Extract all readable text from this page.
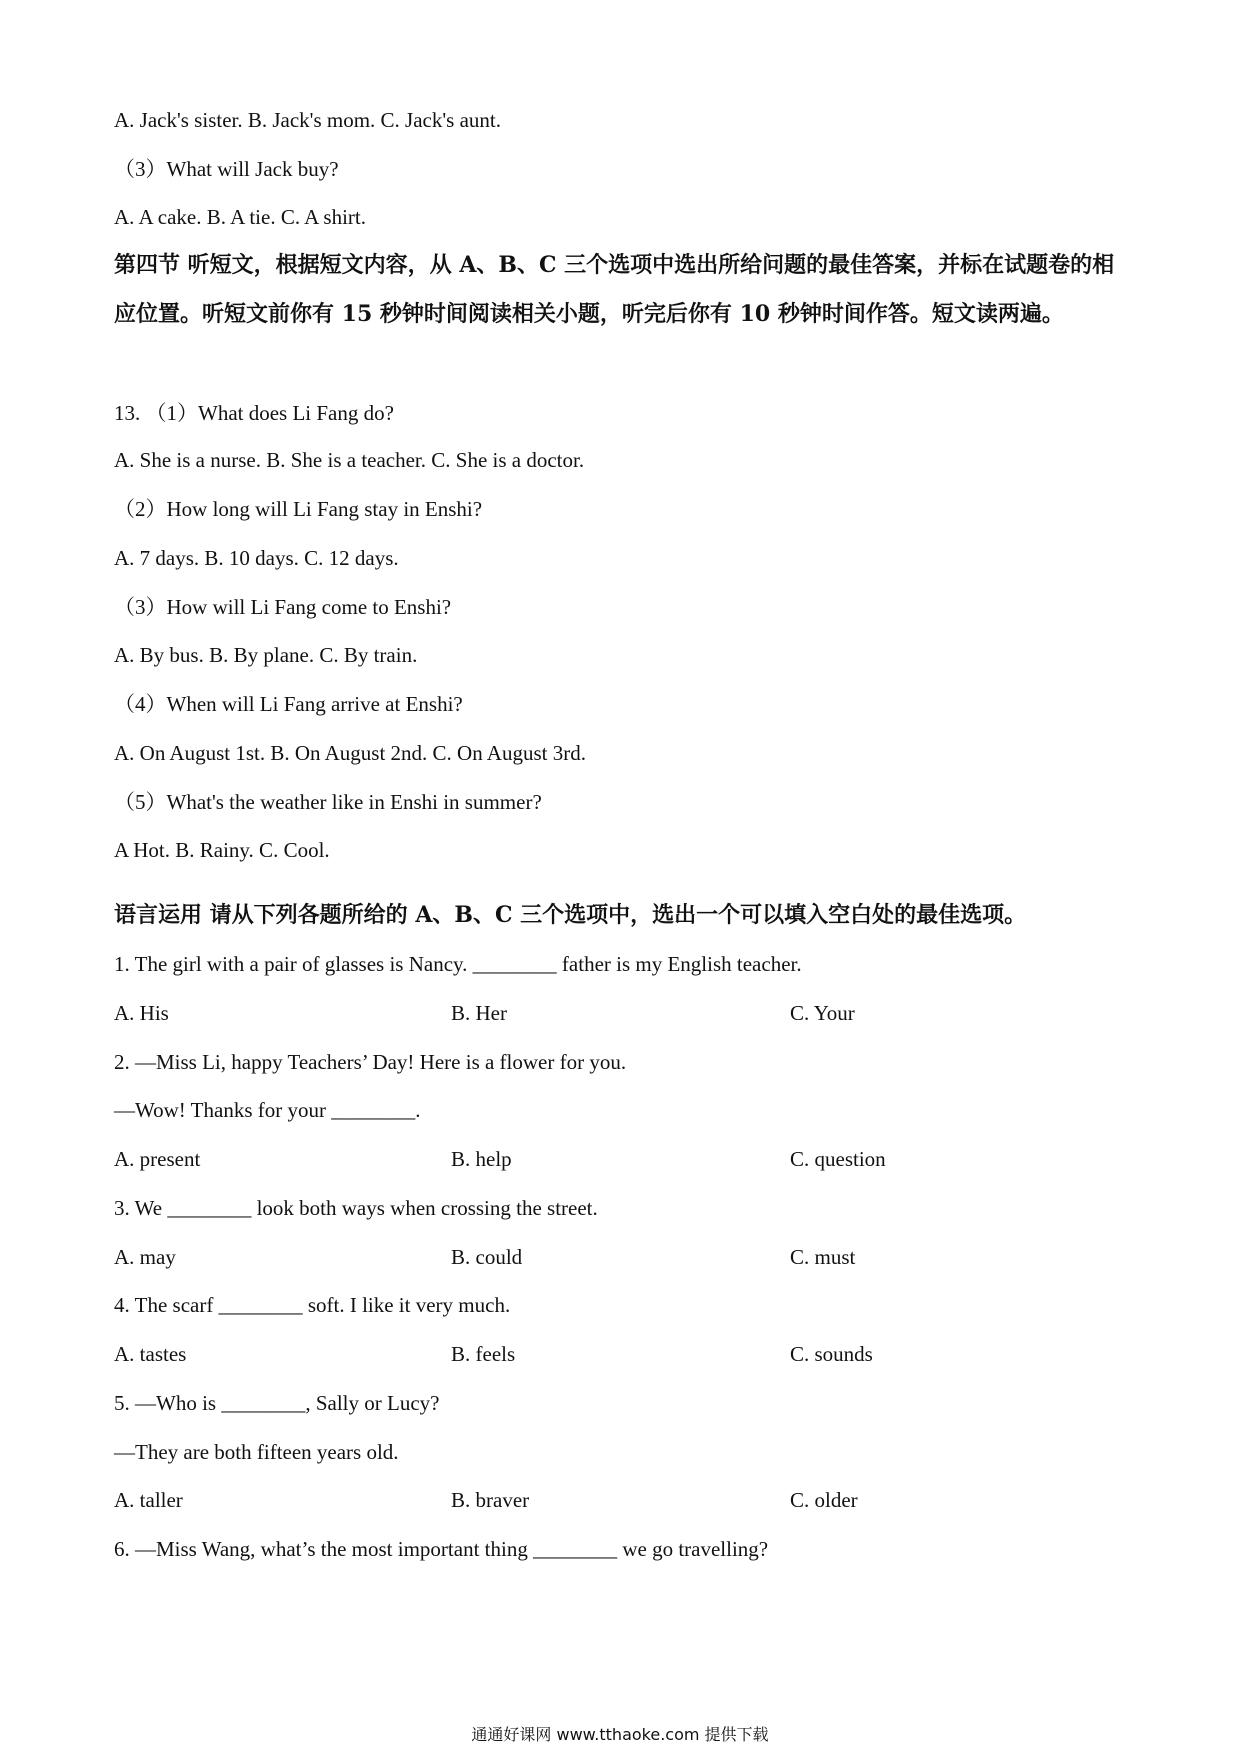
A. Jack's sister. B. Jack's mom. C. Jack's aunt.

（3）What will Jack buy?

A. A cake. B. A tie. C. A shirt.

第四节 听短文，根据短文内容，从 A、B、C 三个选项中选出所给问题的最佳答案，并标在试题卷的相应位置。听短文前你有 15 秒钟时间阅读相关小题，听完后你有 10 秒钟时间作答。短文读两遍。

13. （1）What does Li Fang do?

A. She is a nurse. B. She is a teacher. C. She is a doctor.

（2）How long will Li Fang stay in Enshi?

A. 7 days. B. 10 days. C. 12 days.

（3）How will Li Fang come to Enshi?

A. By bus. B. By plane. C. By train.

（4）When will Li Fang arrive at Enshi?

A. On August 1st. B. On August 2nd. C. On August 3rd.

（5）What's the weather like in Enshi in summer?

A Hot. B. Rainy. C. Cool.

语言运用 请从下列各题所给的 A、B、C 三个选项中，选出一个可以填入空白处的最佳选项。

1. The girl with a pair of glasses is Nancy. ________ father is my English teacher.

A. His	B. Her	C. Your

2. —Miss Li, happy Teachers’ Day! Here is a flower for you.

—Wow! Thanks for your ________.

A. present	B. help	C. question

3. We ________ look both ways when crossing the street.

A. may	B. could	C. must

4. The scarf ________ soft. I like it very much.

A. tastes	B. feels	C. sounds

5. —Who is ________, Sally or Lucy?

—They are both fifteen years old.

A. taller	B. braver	C. older

6. —Miss Wang, what’s the most important thing ________ we go travelling?

通通好课网 www.tthaoke.com 提供下载
